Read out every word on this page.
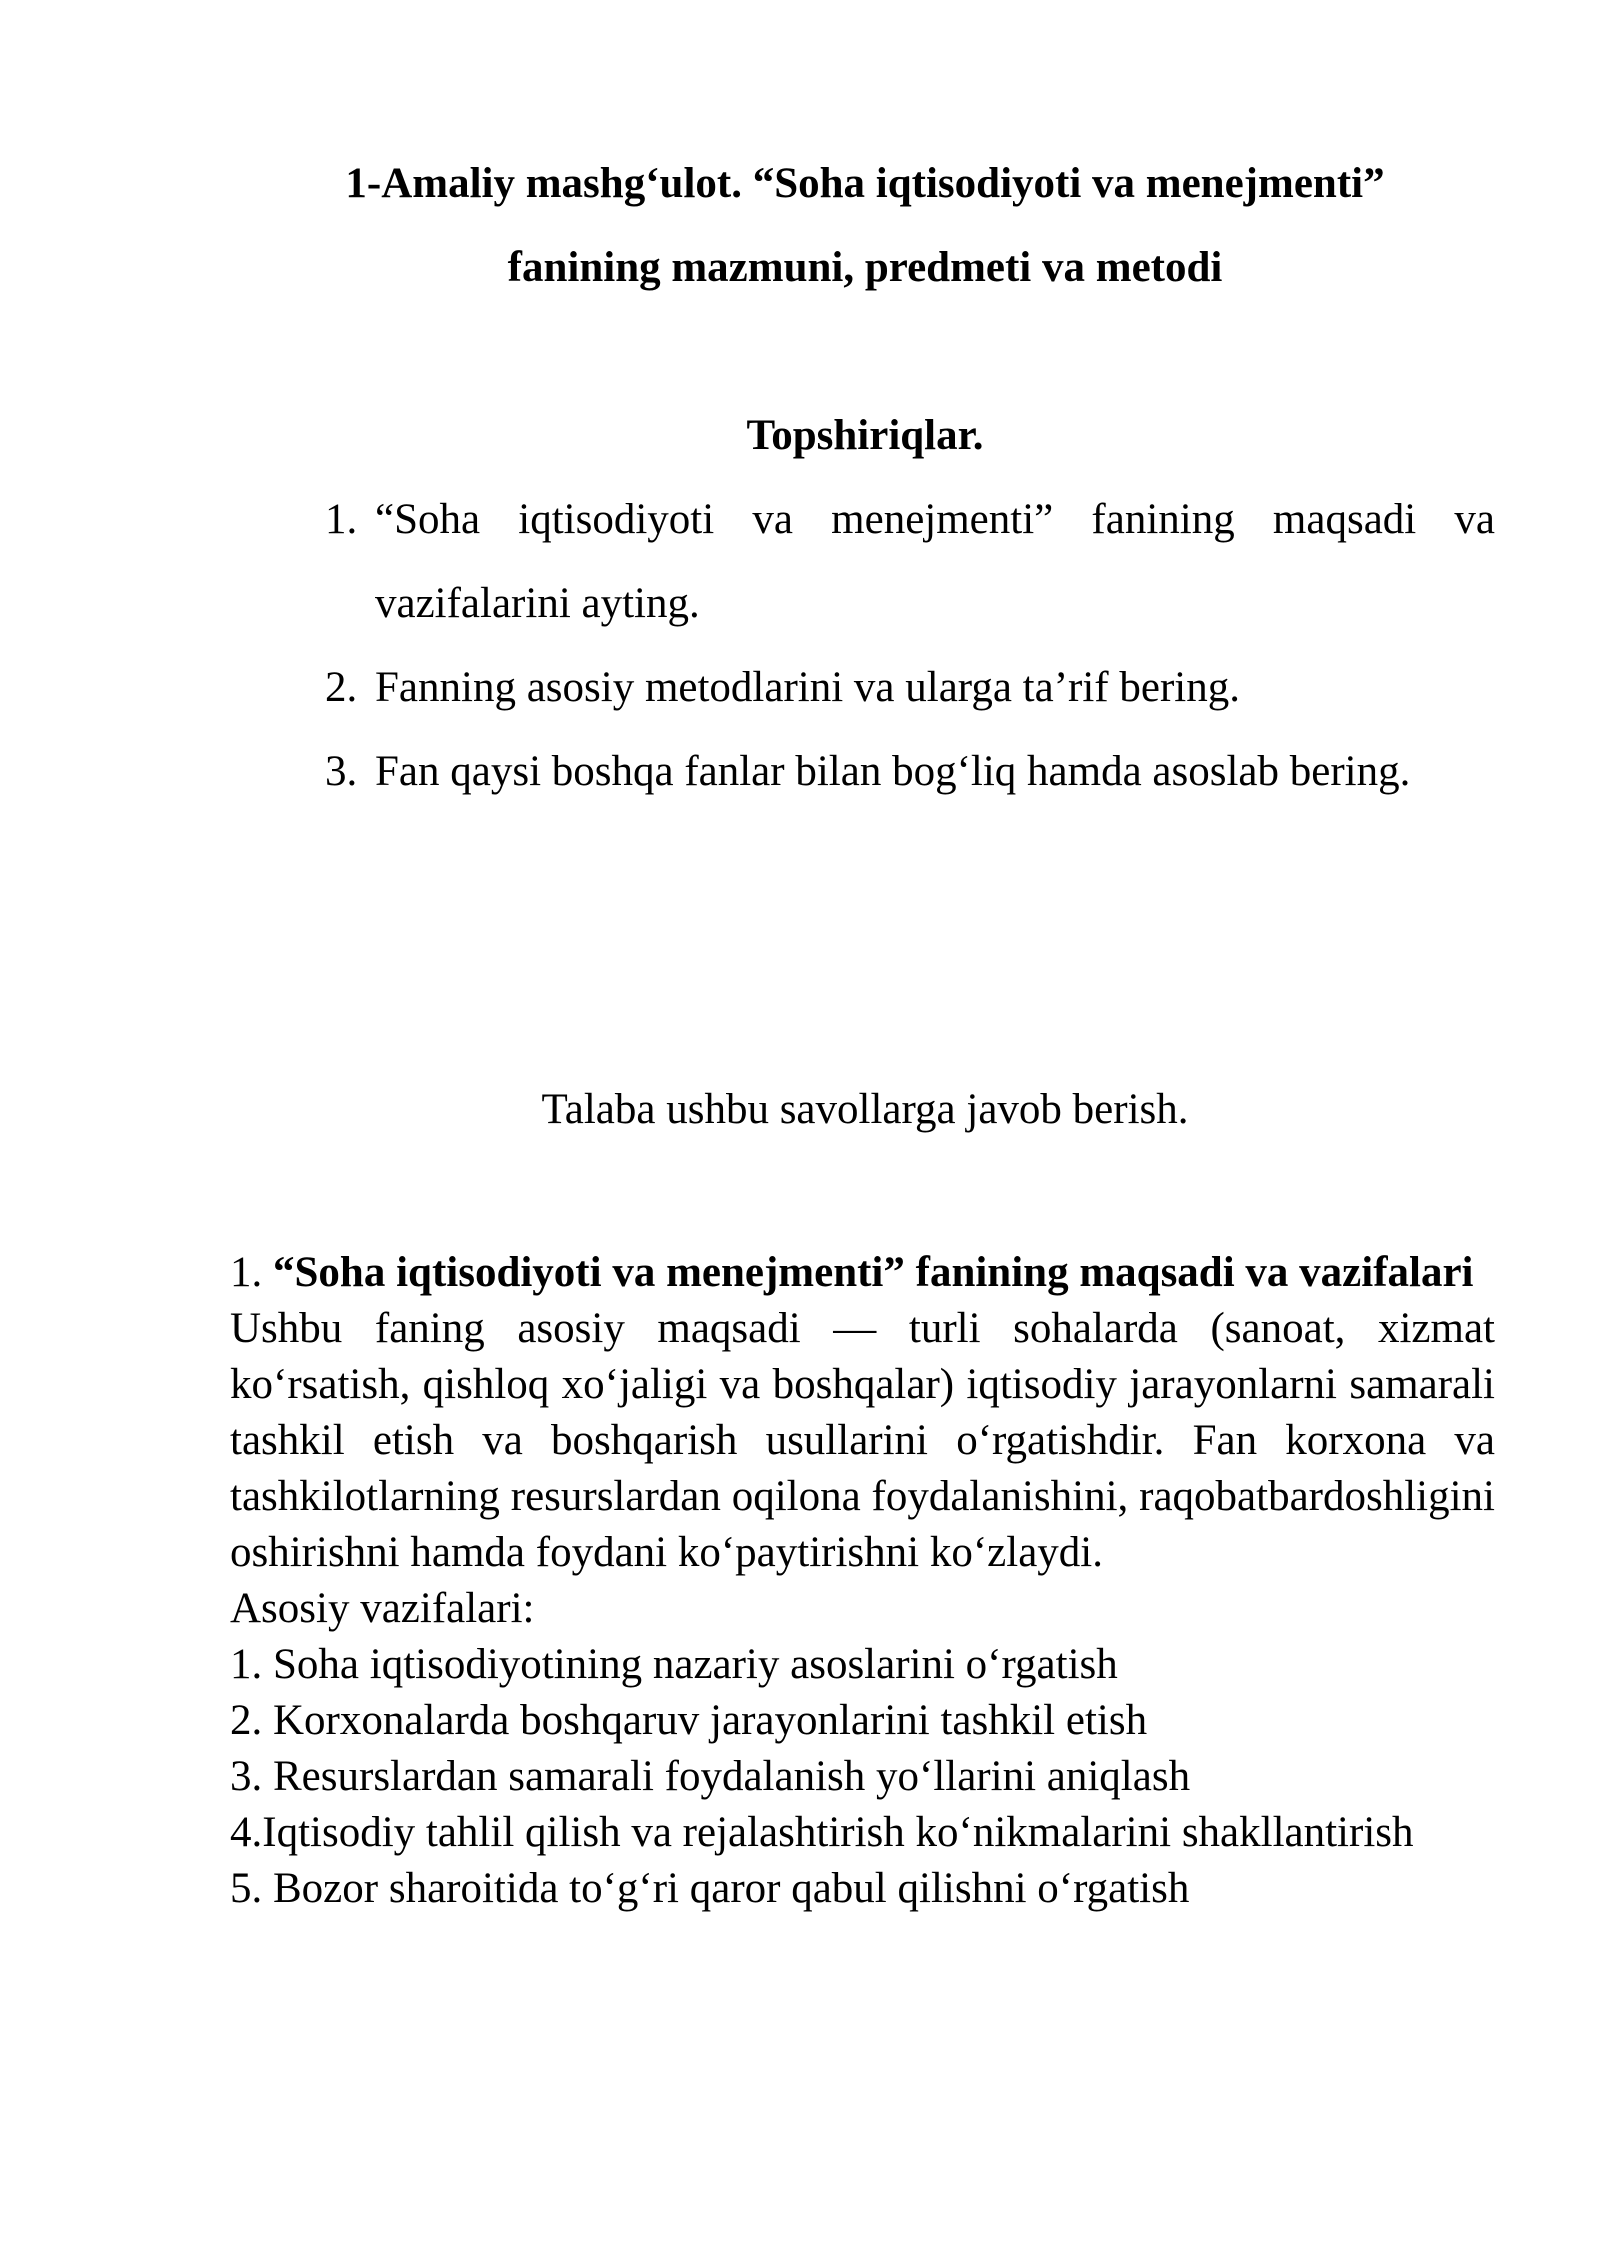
1-Amaliy mashg‘ulot. “Soha iqtisodiyoti va menejmenti”
fanining mazmuni, predmeti va metodi
Topshiriqlar.
1. “Soha iqtisodiyoti va menejmenti” fanining maqsadi va vazifalarini ayting.
2. Fanning asosiy metodlarini va ularga ta’rif bering.
3. Fan qaysi boshqa fanlar bilan bog‘liq hamda asoslab bering.

Talaba ushbu savollarga javob berish.

1. “Soha iqtisodiyoti va menejmenti” fanining maqsadi va vazifalari

Ushbu faning asosiy maqsadi — turli sohalarda (sanoat, xizmat ko‘rsatish, qishloq xo‘jaligi va boshqalar) iqtisodiy jarayonlarni samarali tashkil etish va boshqarish usullarini o‘rgatishdir. Fan korxona va tashkilotlarning resurslardan oqilona foydalanishini, raqobatbardoshligini oshirishni hamda foydani ko‘paytirishni ko‘zlaydi.

Asosiy vazifalari:

1. Soha iqtisodiyotining nazariy asoslarini o‘rgatish

2. Korxonalarda boshqaruv jarayonlarini tashkil etish

3. Resurslardan samarali foydalanish yo‘llarini aniqlash

4.Iqtisodiy tahlil qilish va rejalashtirish ko‘nikmalarini shakllantirish

5. Bozor sharoitida to‘g‘ri qaror qabul qilishni o‘rgatish
